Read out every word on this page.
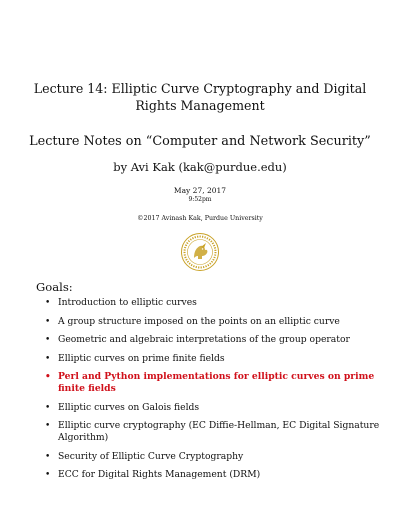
Lecture 14: Elliptic Curve Cryptography and Digital
Rights Management
Lecture Notes on “Computer and Network Security”
by Avi Kak (kak@purdue.edu)
May 27, 2017
9:52pm
©2017 Avinash Kak, Purdue University
Goals:
• Introduction to elliptic curves
• A group structure imposed on the points on an elliptic curve
• Geometric and algebraic interpretations of the group operator
• Elliptic curves on prime finite fields
• Perl and Python implementations for elliptic curves on prime finite fields
• Elliptic curves on Galois fields
• Elliptic curve cryptography (EC Diffie-Hellman, EC Digital Signature Algorithm)
• Security of Elliptic Curve Cryptography
• ECC for Digital Rights Management (DRM)
